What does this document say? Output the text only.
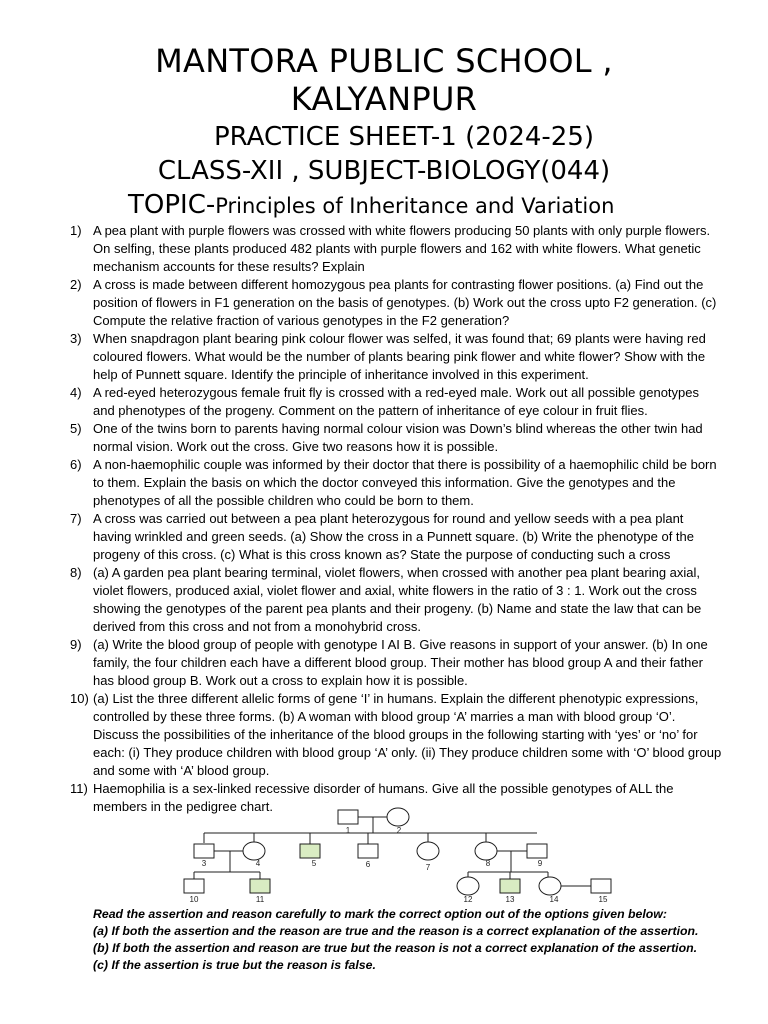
MANTORA PUBLIC SCHOOL ,
KALYANPUR
PRACTICE SHEET-1 (2024-25)
CLASS-XII , SUBJECT-BIOLOGY(044)
TOPIC-Principles of Inheritance and Variation
1) A pea plant with purple flowers was crossed with white flowers producing 50 plants with only purple flowers. On selfing, these plants produced 482 plants with purple flowers and 162 with white flowers. What genetic mechanism accounts for these results? Explain
2) A cross is made between different homozygous pea plants for contrasting flower positions. (a) Find out the position of flowers in F1 generation on the basis of genotypes. (b) Work out the cross upto F2 generation. (c) Compute the relative fraction of various genotypes in the F2 generation?
3) When snapdragon plant bearing pink colour flower was selfed, it was found that; 69 plants were having red coloured flowers. What would be the number of plants bearing pink flower and white flower? Show with the help of Punnett square. Identify the principle of inheritance involved in this experiment.
4) A red-eyed heterozygous female fruit fly is crossed with a red-eyed male. Work out all possible genotypes and phenotypes of the progeny. Comment on the pattern of inheritance of eye colour in fruit flies.
5) One of the twins born to parents having normal colour vision was Down’s blind whereas the other twin had normal vision. Work out the cross. Give two reasons how it is possible.
6) A non-haemophilic couple was informed by their doctor that there is possibility of a haemophilic child be born to them. Explain the basis on which the doctor conveyed this information. Give the genotypes and the phenotypes of all the possible children who could be born to them.
7) A cross was carried out between a pea plant heterozygous for round and yellow seeds with a pea plant having wrinkled and green seeds. (a) Show the cross in a Punnett square. (b) Write the phenotype of the progeny of this cross. (c) What is this cross known as? State the purpose of conducting such a cross
8) (a) A garden pea plant bearing terminal, violet flowers, when crossed with another pea plant bearing axial, violet flowers, produced axial, violet flower and axial, white flowers in the ratio of 3 : 1. Work out the cross showing the genotypes of the parent pea plants and their progeny. (b) Name and state the law that can be derived from this cross and not from a monohybrid cross.
9) (a) Write the blood group of people with genotype I AI B. Give reasons in support of your answer. (b) In one family, the four children each have a different blood group. Their mother has blood group A and their father has blood group B. Work out a cross to explain how it is possible.
10) (a) List the three different allelic forms of gene ‘I’ in humans. Explain the different phenotypic expressions, controlled by these three forms. (b) A woman with blood group ‘A’ marries a man with blood group ‘O’. Discuss the possibilities of the inheritance of the blood groups in the following starting with ‘yes’ or ‘no’ for each: (i) They produce children with blood group ‘A’ only. (ii) They produce children some with ‘O’ blood group and some with ‘A’ blood group.
11) Haemophilia is a sex-linked recessive disorder of humans. Give all the possible genotypes of ALL the members in the pedigree chart.
1	2
3	4	5	6	7	8	9
10	11	12	13	14	15
Read the assertion and reason carefully to mark the correct option out of the options given below:
(a) If both the assertion and the reason are true and the reason is a correct explanation of the assertion.
(b) If both the assertion and reason are true but the reason is not a correct explanation of the assertion.
(c) If the assertion is true but the reason is false.
